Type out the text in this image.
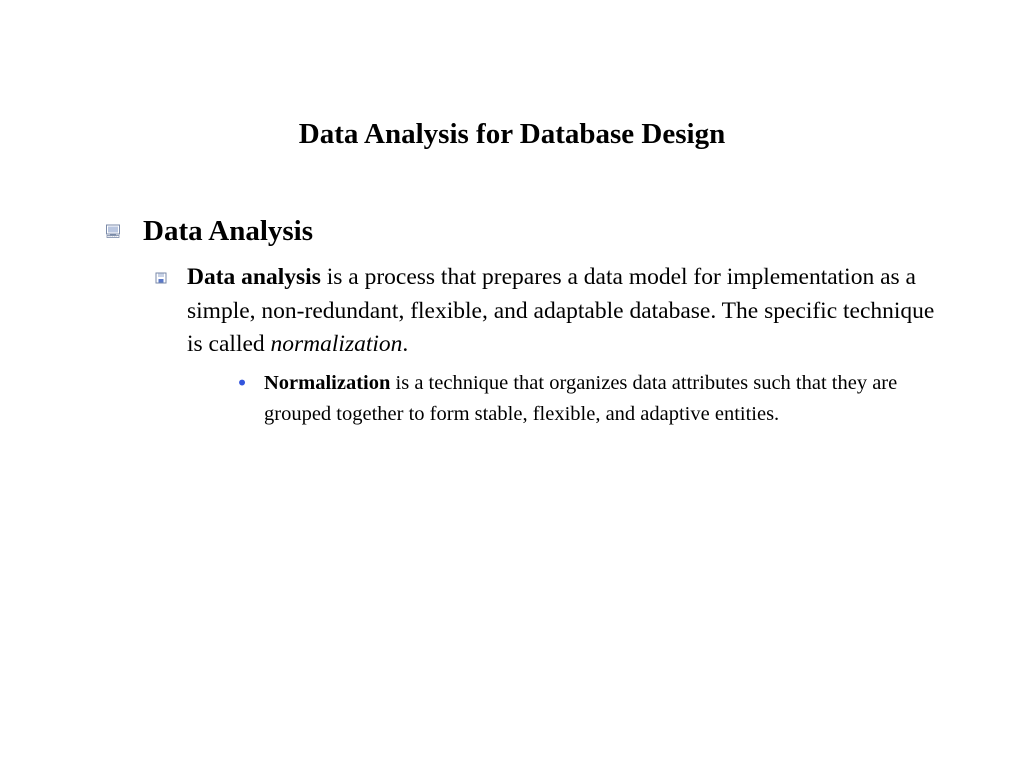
Data Analysis for Database Design
Data Analysis
Data analysis is a process that prepares a data model for implementation as a simple, non-redundant, flexible, and adaptable database. The specific technique is called normalization.
• Normalization is a technique that organizes data attributes such that they are grouped together to form stable, flexible, and adaptive entities.
